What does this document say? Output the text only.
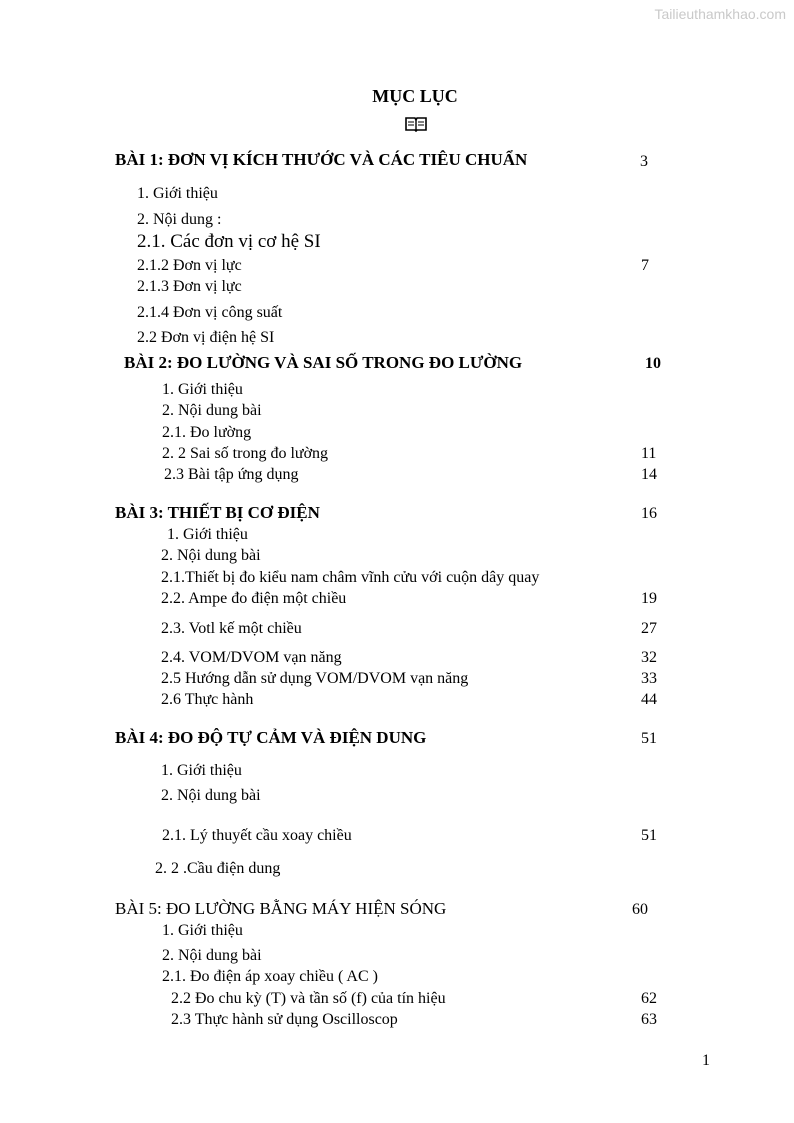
Tailieuthamkhao.com
MỤC LỤC
BÀI 1: ĐƠN VỊ KÍCH THƯỚC VÀ CÁC TIÊU CHUẨN	3
1. Giới thiệu
2. Nội dung :
2.1. Các đơn vị cơ hệ SI
2.1.2 Đơn vị lực	7
2.1.3 Đơn vị lực
2.1.4 Đơn vị công suất
2.2 Đơn vị điện hệ SI
BÀI 2: ĐO LƯỜNG VÀ SAI SỐ TRONG ĐO LƯỜNG	10
1. Giới thiệu
2. Nội dung bài
2.1. Đo lường
2. 2 Sai số trong đo lường	11
2.3 Bài tập ứng dụng	14
BÀI 3: THIẾT BỊ CƠ ĐIỆN	16
1. Giới thiệu
2. Nội dung bài
2.1.Thiết bị đo kiểu nam châm vĩnh cửu với cuộn dây quay
2.2. Ampe đo điện một chiều	19
2.3. Votl kế một chiều	27
2.4. VOM/DVOM vạn năng	32
2.5 Hướng dẫn sử dụng VOM/DVOM vạn năng	33
2.6 Thực hành	44
BÀI 4: ĐO ĐỘ TỰ CẢM VÀ ĐIỆN DUNG	51
1. Giới thiệu
2. Nội dung bài
2.1. Lý thuyết cầu xoay chiều	51
2. 2 .Cầu điện dung
BÀI 5: ĐO LƯỜNG BẰNG MÁY HIỆN SÓNG	60
1. Giới thiệu
2. Nội dung bài
2.1. Đo điện áp xoay chiều ( AC )
2.2 Đo chu kỳ (T) và tần số (f) của tín hiệu	62
2.3 Thực hành sử dụng Oscilloscop	63
1
